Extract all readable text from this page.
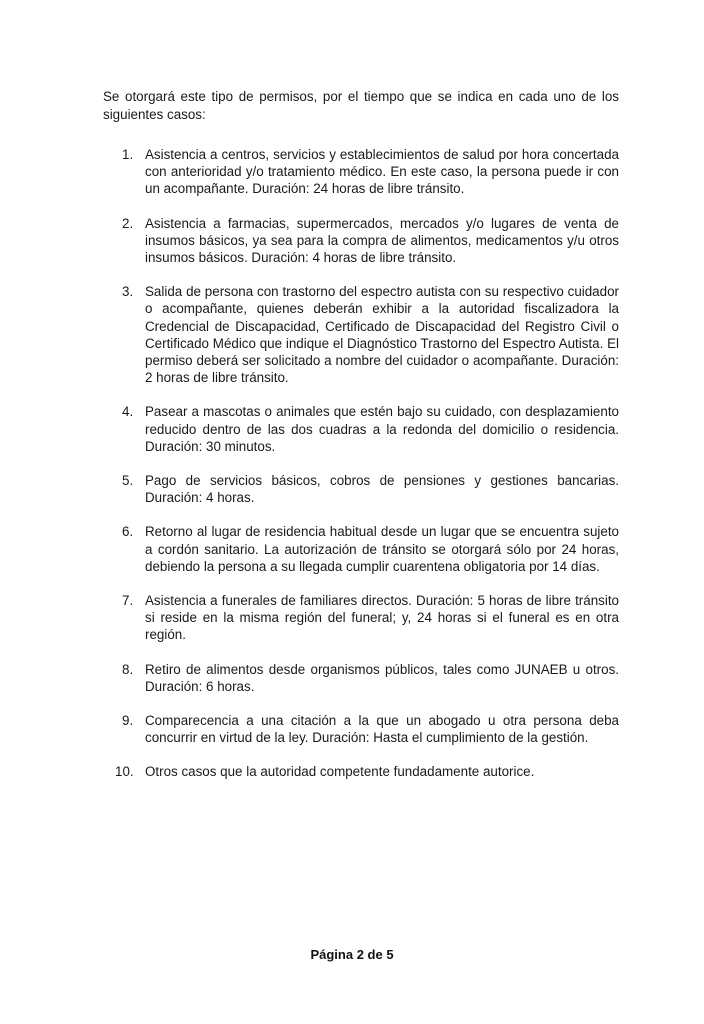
Se otorgará este tipo de permisos, por el tiempo que se indica en cada uno de los siguientes casos:

1. Asistencia a centros, servicios y establecimientos de salud por hora concertada con anterioridad y/o tratamiento médico. En este caso, la persona puede ir con un acompañante. Duración: 24 horas de libre tránsito.
2. Asistencia a farmacias, supermercados, mercados y/o lugares de venta de insumos básicos, ya sea para la compra de alimentos, medicamentos y/u otros insumos básicos. Duración: 4 horas de libre tránsito.
3. Salida de persona con trastorno del espectro autista con su respectivo cuidador o acompañante, quienes deberán exhibir a la autoridad fiscalizadora la Credencial de Discapacidad, Certificado de Discapacidad del Registro Civil o Certificado Médico que indique el Diagnóstico Trastorno del Espectro Autista. El permiso deberá ser solicitado a nombre del cuidador o acompañante. Duración: 2 horas de libre tránsito.
4. Pasear a mascotas o animales que estén bajo su cuidado, con desplazamiento reducido dentro de las dos cuadras a la redonda del domicilio o residencia. Duración: 30 minutos.
5. Pago de servicios básicos, cobros de pensiones y gestiones bancarias. Duración: 4 horas.
6. Retorno al lugar de residencia habitual desde un lugar que se encuentra sujeto a cordón sanitario. La autorización de tránsito se otorgará sólo por 24 horas, debiendo la persona a su llegada cumplir cuarentena obligatoria por 14 días.
7. Asistencia a funerales de familiares directos. Duración: 5 horas de libre tránsito si reside en la misma región del funeral; y, 24 horas si el funeral es en otra región.
8. Retiro de alimentos desde organismos públicos, tales como JUNAEB u otros. Duración: 6 horas.
9. Comparecencia a una citación a la que un abogado u otra persona deba concurrir en virtud de la ley. Duración: Hasta el cumplimiento de la gestión.
10. Otros casos que la autoridad competente fundadamente autorice.
Página 2 de 5
